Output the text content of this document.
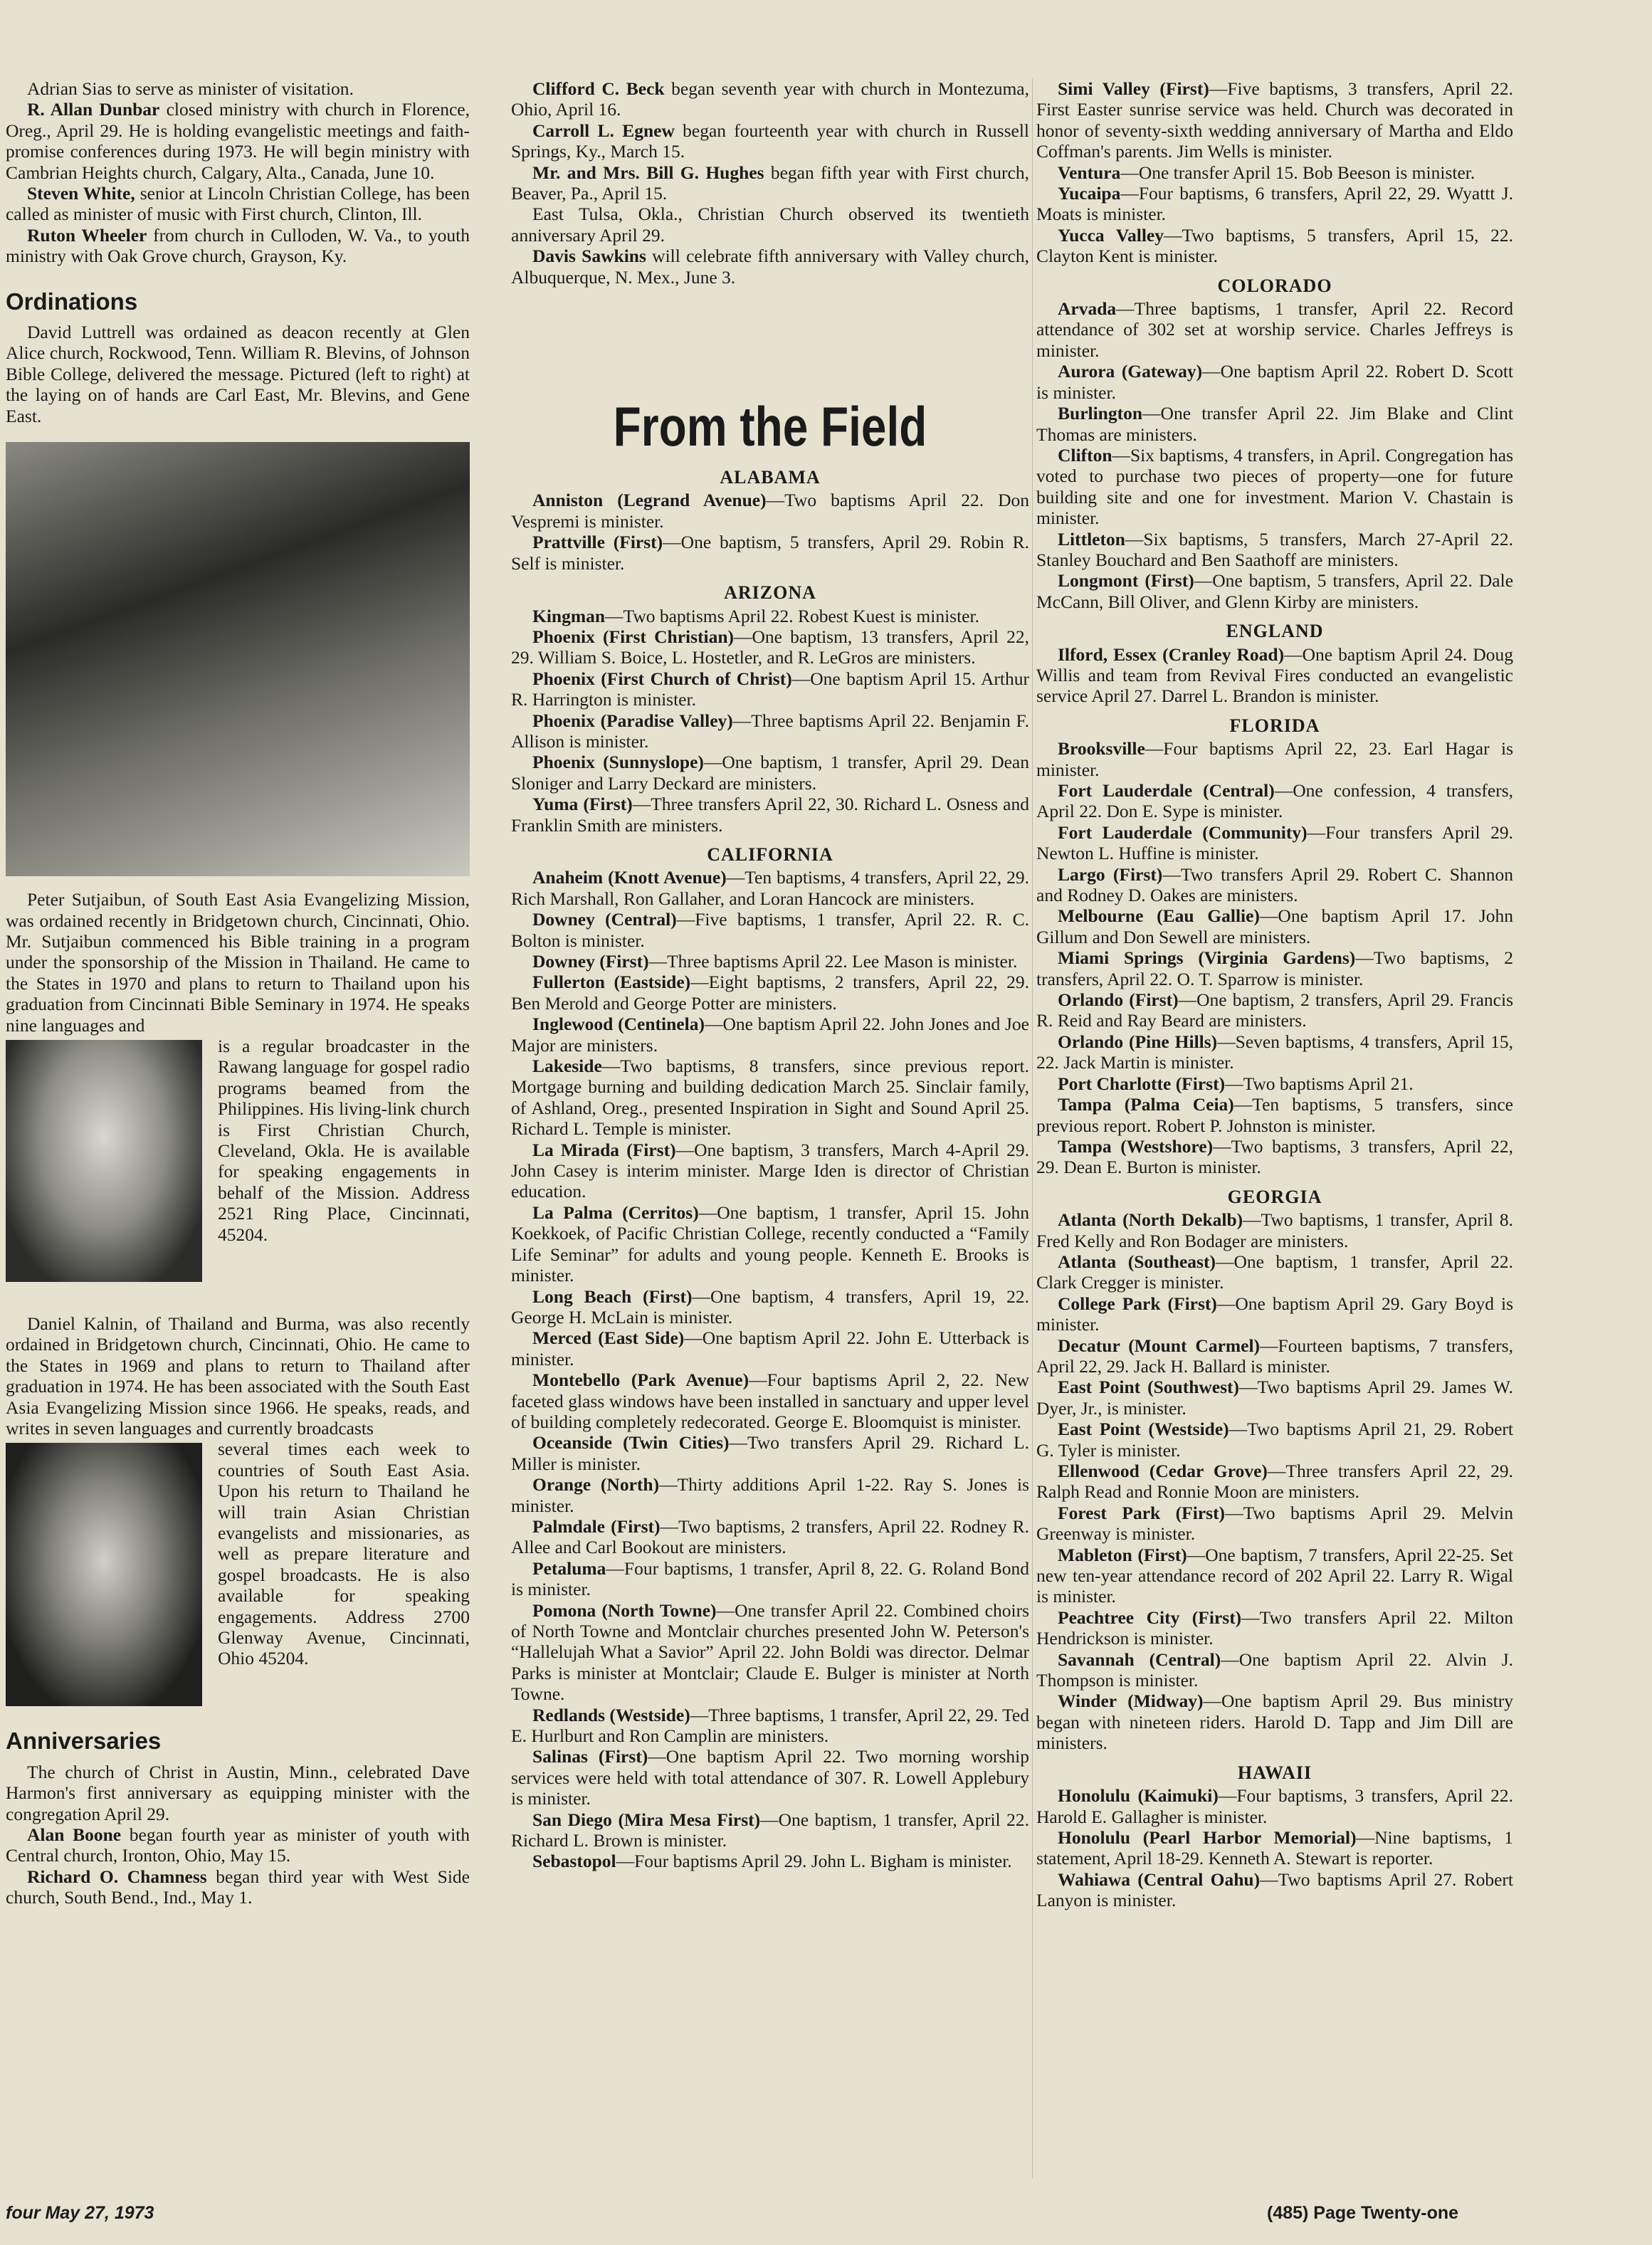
Adrian Sias to serve as minister of visitation.

R. Allan Dunbar closed ministry with church in Florence, Oreg., April 29. He is holding evangelistic meetings and faith-promise conferences during 1973. He will begin ministry with Cambrian Heights church, Calgary, Alta., Canada, June 10.

Steven White, senior at Lincoln Christian College, has been called as minister of music with First church, Clinton, Ill.

Ruton Wheeler from church in Culloden, W. Va., to youth ministry with Oak Grove church, Grayson, Ky.

Ordinations

David Luttrell was ordained as deacon recently at Glen Alice church, Rockwood, Tenn. William R. Blevins, of Johnson Bible College, delivered the message. Pictured (left to right) at the laying on of hands are Carl East, Mr. Blevins, and Gene East.

Peter Sutjaibun, of South East Asia Evangelizing Mission, was ordained recently in Bridgetown church, Cincinnati, Ohio. Mr. Sutjaibun commenced his Bible training in a program under the sponsorship of the Mission in Thailand. He came to the States in 1970 and plans to return to Thailand upon his graduation from Cincinnati Bible Seminary in 1974. He speaks nine languages and

is a regular broadcaster in the Rawang language for gospel radio programs beamed from the Philippines. His living-link church is First Christian Church, Cleveland, Okla. He is available for speaking engagements in behalf of the Mission. Address 2521 Ring Place, Cincinnati, 45204.

Daniel Kalnin, of Thailand and Burma, was also recently ordained in Bridgetown church, Cincinnati, Ohio. He came to the States in 1969 and plans to return to Thailand after graduation in 1974. He has been associated with the South East Asia Evangelizing Mission since 1966. He speaks, reads, and writes in seven languages and currently broadcasts

several times each week to countries of South East Asia. Upon his return to Thailand he will train Asian Christian evangelists and missionaries, as well as prepare literature and gospel broadcasts. He is also available for speaking engagements. Address 2700 Glenway Avenue, Cincinnati, Ohio 45204.

Anniversaries

The church of Christ in Austin, Minn., celebrated Dave Harmon's first anniversary as equipping minister with the congregation April 29.

Alan Boone began fourth year as minister of youth with Central church, Ironton, Ohio, May 15.

Richard O. Chamness began third year with West Side church, South Bend., Ind., May 1.

Clifford C. Beck began seventh year with church in Montezuma, Ohio, April 16.

Carroll L. Egnew began fourteenth year with church in Russell Springs, Ky., March 15.

Mr. and Mrs. Bill G. Hughes began fifth year with First church, Beaver, Pa., April 15.

East Tulsa, Okla., Christian Church observed its twentieth anniversary April 29.

Davis Sawkins will celebrate fifth anniversary with Valley church, Albuquerque, N. Mex., June 3.

From the Field
ALABAMA

Anniston (Legrand Avenue)—Two baptisms April 22. Don Vespremi is minister.

Prattville (First)—One baptism, 5 transfers, April 29. Robin R. Self is minister.

ARIZONA

Kingman—Two baptisms April 22. Robest Kuest is minister.

Phoenix (First Christian)—One baptism, 13 transfers, April 22, 29. William S. Boice, L. Hostetler, and R. LeGros are ministers.

Phoenix (First Church of Christ)—One baptism April 15. Arthur R. Harrington is minister.

Phoenix (Paradise Valley)—Three baptisms April 22. Benjamin F. Allison is minister.

Phoenix (Sunnyslope)—One baptism, 1 transfer, April 29. Dean Sloniger and Larry Deckard are ministers.

Yuma (First)—Three transfers April 22, 30. Richard L. Osness and Franklin Smith are ministers.

CALIFORNIA

Anaheim (Knott Avenue)—Ten baptisms, 4 transfers, April 22, 29. Rich Marshall, Ron Gallaher, and Loran Hancock are ministers.

Downey (Central)—Five baptisms, 1 transfer, April 22. R. C. Bolton is minister.

Downey (First)—Three baptisms April 22. Lee Mason is minister.

Fullerton (Eastside)—Eight baptisms, 2 transfers, April 22, 29. Ben Merold and George Potter are ministers.

Inglewood (Centinela)—One baptism April 22. John Jones and Joe Major are ministers.

Lakeside—Two baptisms, 8 transfers, since previous report. Mortgage burning and building dedication March 25. Sinclair family, of Ashland, Oreg., presented Inspiration in Sight and Sound April 25. Richard L. Temple is minister.

La Mirada (First)—One baptism, 3 transfers, March 4-April 29. John Casey is interim minister. Marge Iden is director of Christian education.

La Palma (Cerritos)—One baptism, 1 transfer, April 15. John Koekkoek, of Pacific Christian College, recently conducted a “Family Life Seminar” for adults and young people. Kenneth E. Brooks is minister.

Long Beach (First)—One baptism, 4 transfers, April 19, 22. George H. McLain is minister.

Merced (East Side)—One baptism April 22. John E. Utterback is minister.

Montebello (Park Avenue)—Four baptisms April 2, 22. New faceted glass windows have been installed in sanctuary and upper level of building completely redecorated. George E. Bloomquist is minister.

Oceanside (Twin Cities)—Two transfers April 29. Richard L. Miller is minister.

Orange (North)—Thirty additions April 1-22. Ray S. Jones is minister.

Palmdale (First)—Two baptisms, 2 transfers, April 22. Rodney R. Allee and Carl Bookout are ministers.

Petaluma—Four baptisms, 1 transfer, April 8, 22. G. Roland Bond is minister.

Pomona (North Towne)—One transfer April 22. Combined choirs of North Towne and Montclair churches presented John W. Peterson's “Hallelujah What a Savior” April 22. John Boldi was director. Delmar Parks is minister at Montclair; Claude E. Bulger is minister at North Towne.

Redlands (Westside)—Three baptisms, 1 transfer, April 22, 29. Ted E. Hurlburt and Ron Camplin are ministers.

Salinas (First)—One baptism April 22. Two morning worship services were held with total attendance of 307. R. Lowell Applebury is minister.

San Diego (Mira Mesa First)—One baptism, 1 transfer, April 22. Richard L. Brown is minister.

Sebastopol—Four baptisms April 29. John L. Bigham is minister.

Simi Valley (First)—Five baptisms, 3 transfers, April 22. First Easter sunrise service was held. Church was decorated in honor of seventy-sixth wedding anniversary of Martha and Eldo Coffman's parents. Jim Wells is minister.

Ventura—One transfer April 15. Bob Beeson is minister.

Yucaipa—Four baptisms, 6 transfers, April 22, 29. Wyattt J. Moats is minister.

Yucca Valley—Two baptisms, 5 transfers, April 15, 22. Clayton Kent is minister.

COLORADO

Arvada—Three baptisms, 1 transfer, April 22. Record attendance of 302 set at worship service. Charles Jeffreys is minister.

Aurora (Gateway)—One baptism April 22. Robert D. Scott is minister.

Burlington—One transfer April 22. Jim Blake and Clint Thomas are ministers.

Clifton—Six baptisms, 4 transfers, in April. Congregation has voted to purchase two pieces of property—one for future building site and one for investment. Marion V. Chastain is minister.

Littleton—Six baptisms, 5 transfers, March 27-April 22. Stanley Bouchard and Ben Saathoff are ministers.

Longmont (First)—One baptism, 5 transfers, April 22. Dale McCann, Bill Oliver, and Glenn Kirby are ministers.

ENGLAND

Ilford, Essex (Cranley Road)—One baptism April 24. Doug Willis and team from Revival Fires conducted an evangelistic service April 27. Darrel L. Brandon is minister.

FLORIDA

Brooksville—Four baptisms April 22, 23. Earl Hagar is minister.

Fort Lauderdale (Central)—One confession, 4 transfers, April 22. Don E. Sype is minister.

Fort Lauderdale (Community)—Four transfers April 29. Newton L. Huffine is minister.

Largo (First)—Two transfers April 29. Robert C. Shannon and Rodney D. Oakes are ministers.

Melbourne (Eau Gallie)—One baptism April 17. John Gillum and Don Sewell are ministers.

Miami Springs (Virginia Gardens)—Two baptisms, 2 transfers, April 22. O. T. Sparrow is minister.

Orlando (First)—One baptism, 2 transfers, April 29. Francis R. Reid and Ray Beard are ministers.

Orlando (Pine Hills)—Seven baptisms, 4 transfers, April 15, 22. Jack Martin is minister.

Port Charlotte (First)—Two baptisms April 21.

Tampa (Palma Ceia)—Ten baptisms, 5 transfers, since previous report. Robert P. Johnston is minister.

Tampa (Westshore)—Two baptisms, 3 transfers, April 22, 29. Dean E. Burton is minister.

GEORGIA

Atlanta (North Dekalb)—Two baptisms, 1 transfer, April 8. Fred Kelly and Ron Bodager are ministers.

Atlanta (Southeast)—One baptism, 1 transfer, April 22. Clark Cregger is minister.

College Park (First)—One baptism April 29. Gary Boyd is minister.

Decatur (Mount Carmel)—Fourteen baptisms, 7 transfers, April 22, 29. Jack H. Ballard is minister.

East Point (Southwest)—Two baptisms April 29. James W. Dyer, Jr., is minister.

East Point (Westside)—Two baptisms April 21, 29. Robert G. Tyler is minister.

Ellenwood (Cedar Grove)—Three transfers April 22, 29. Ralph Read and Ronnie Moon are ministers.

Forest Park (First)—Two baptisms April 29. Melvin Greenway is minister.

Mableton (First)—One baptism, 7 transfers, April 22-25. Set new ten-year attendance record of 202 April 22. Larry R. Wigal is minister.

Peachtree City (First)—Two transfers April 22. Milton Hendrickson is minister.

Savannah (Central)—One baptism April 22. Alvin J. Thompson is minister.

Winder (Midway)—One baptism April 29. Bus ministry began with nineteen riders. Harold D. Tapp and Jim Dill are ministers.

HAWAII

Honolulu (Kaimuki)—Four baptisms, 3 transfers, April 22. Harold E. Gallagher is minister.

Honolulu (Pearl Harbor Memorial)—Nine baptisms, 1 statement, April 18-29. Kenneth A. Stewart is reporter.

Wahiawa (Central Oahu)—Two baptisms April 27. Robert Lanyon is minister.

four May 27, 1973	(485) Page Twenty-one
